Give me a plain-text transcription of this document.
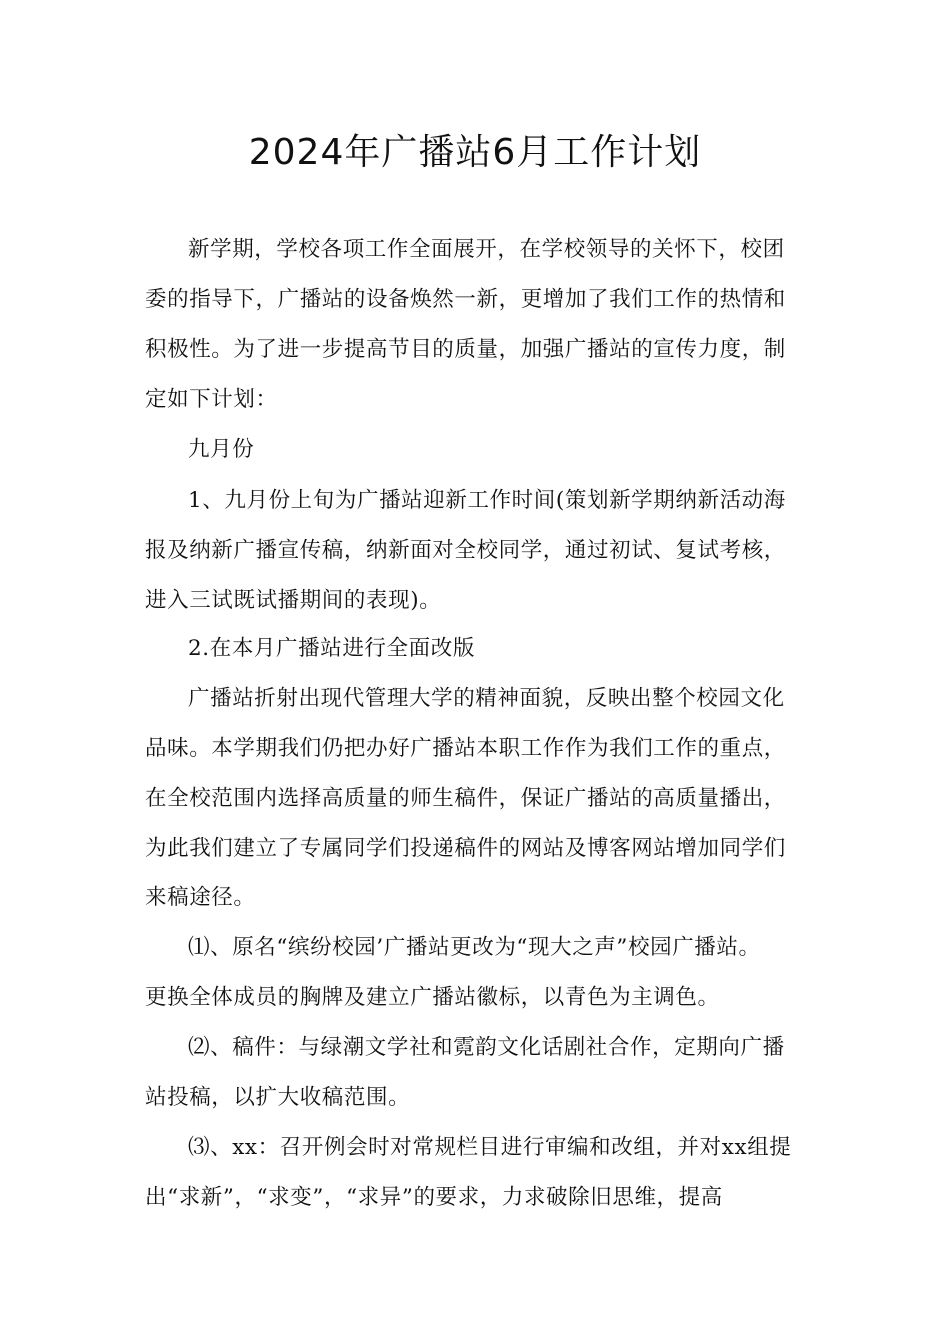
2024年广播站6月工作计划
新学期，学校各项工作全面展开，在学校领导的关怀下，校团
委的指导下，广播站的设备焕然一新，更增加了我们工作的热情和
积极性。为了进一步提高节目的质量，加强广播站的宣传力度，制
定如下计划：
九月份
1、九月份上旬为广播站迎新工作时间(策划新学期纳新活动海
报及纳新广播宣传稿，纳新面对全校同学，通过初试、复试考核，
进入三试既试播期间的表现)。
2.在本月广播站进行全面改版
广播站折射出现代管理大学的精神面貌，反映出整个校园文化
品味。本学期我们仍把办好广播站本职工作作为我们工作的重点，
在全校范围内选择高质量的师生稿件，保证广播站的高质量播出，
为此我们建立了专属同学们投递稿件的网站及博客网站增加同学们
来稿途径。
⑴、原名“缤纷校园’广播站更改为“现大之声”校园广播站。
更换全体成员的胸牌及建立广播站徽标，以青色为主调色。
⑵、稿件：与绿潮文学社和霓韵文化话剧社合作，定期向广播
站投稿，以扩大收稿范围。
⑶、xx：召开例会时对常规栏目进行审编和改组，并对xx组提
出“求新”，“求变”，“求异”的要求，力求破除旧思维，提高
